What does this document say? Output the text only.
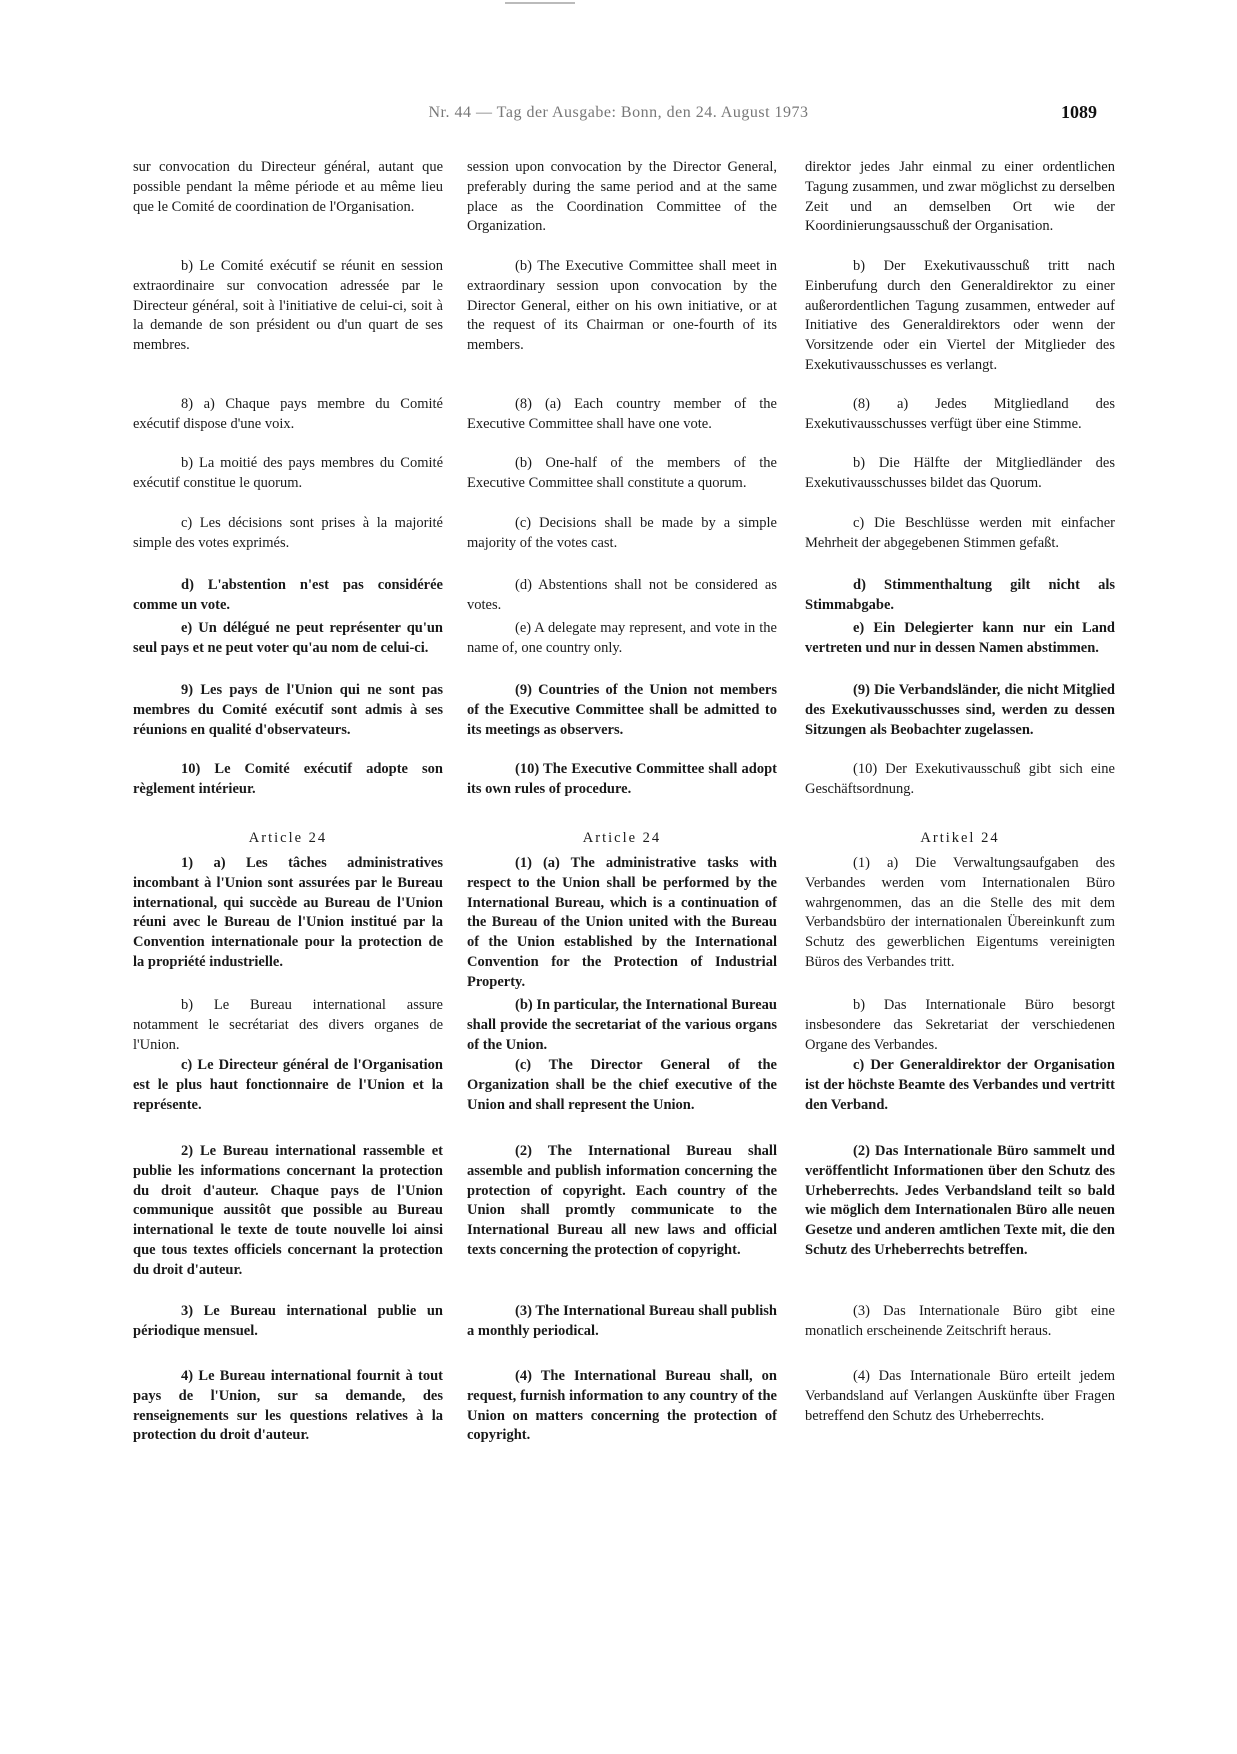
Nr. 44 — Tag der Ausgabe: Bonn, den 24. August 1973	1089

sur convocation du Directeur général, autant que possible pendant la même période et au même lieu que le Comité de coordination de l'Organisation.

b) Le Comité exécutif se réunit en session extraordinaire sur convocation adressée par le Directeur général, soit à l'initiative de celui-ci, soit à la demande de son président ou d'un quart de ses membres.

8) a) Chaque pays membre du Comité exécutif dispose d'une voix.

b) La moitié des pays membres du Comité exécutif constitue le quorum.

c) Les décisions sont prises à la majorité simple des votes exprimés.

d) L'abstention n'est pas considérée comme un vote.

e) Un délégué ne peut représenter qu'un seul pays et ne peut voter qu'au nom de celui-ci.

9) Les pays de l'Union qui ne sont pas membres du Comité exécutif sont admis à ses réunions en qualité d'observateurs.

10) Le Comité exécutif adopte son règlement intérieur.

Article 24

1) a) Les tâches administratives incombant à l'Union sont assurées par le Bureau international, qui succède au Bureau de l'Union réuni avec le Bureau de l'Union institué par la Convention internationale pour la protection de la propriété industrielle.

b) Le Bureau international assure notamment le secrétariat des divers organes de l'Union.

c) Le Directeur général de l'Organisation est le plus haut fonctionnaire de l'Union et la représente.

2) Le Bureau international rassemble et publie les informations concernant la protection du droit d'auteur. Chaque pays de l'Union communique aussitôt que possible au Bureau international le texte de toute nouvelle loi ainsi que tous textes officiels concernant la protection du droit d'auteur.

3) Le Bureau international publie un périodique mensuel.

4) Le Bureau international fournit à tout pays de l'Union, sur sa demande, des renseignements sur les questions relatives à la protection du droit d'auteur.

session upon convocation by the Director General, preferably during the same period and at the same place as the Coordination Committee of the Organization.

(b) The Executive Committee shall meet in extraordinary session upon convocation by the Director General, either on his own initiative, or at the request of its Chairman or one-fourth of its members.

(8) (a) Each country member of the Executive Committee shall have one vote.

(b) One-half of the members of the Executive Committee shall constitute a quorum.

(c) Decisions shall be made by a simple majority of the votes cast.

(d) Abstentions shall not be considered as votes.

(e) A delegate may represent, and vote in the name of, one country only.

(9) Countries of the Union not members of the Executive Committee shall be admitted to its meetings as observers.

(10) The Executive Committee shall adopt its own rules of procedure.

Article 24

(1) (a) The administrative tasks with respect to the Union shall be performed by the International Bureau, which is a continuation of the Bureau of the Union united with the Bureau of the Union established by the International Convention for the Protection of Industrial Property.

(b) In particular, the International Bureau shall provide the secretariat of the various organs of the Union.

(c) The Director General of the Organization shall be the chief executive of the Union and shall represent the Union.

(2) The International Bureau shall assemble and publish information concerning the protection of copyright. Each country of the Union shall promtly communicate to the International Bureau all new laws and official texts concerning the protection of copyright.

(3) The International Bureau shall publish a monthly periodical.

(4) The International Bureau shall, on request, furnish information to any country of the Union on matters concerning the protection of copyright.

direktor jedes Jahr einmal zu einer ordentlichen Tagung zusammen, und zwar möglichst zu derselben Zeit und an demselben Ort wie der Koordinierungsausschuß der Organisation.

b) Der Exekutivausschuß tritt nach Einberufung durch den Generaldirektor zu einer außerordentlichen Tagung zusammen, entweder auf Initiative des Generaldirektors oder wenn der Vorsitzende oder ein Viertel der Mitglieder des Exekutivausschusses es verlangt.

(8) a) Jedes Mitgliedland des Exekutivausschusses verfügt über eine Stimme.

b) Die Hälfte der Mitgliedländer des Exekutivausschusses bildet das Quorum.

c) Die Beschlüsse werden mit einfacher Mehrheit der abgegebenen Stimmen gefaßt.

d) Stimmenthaltung gilt nicht als Stimmabgabe.

e) Ein Delegierter kann nur ein Land vertreten und nur in dessen Namen abstimmen.

(9) Die Verbandsländer, die nicht Mitglied des Exekutivausschusses sind, werden zu dessen Sitzungen als Beobachter zugelassen.

(10) Der Exekutivausschuß gibt sich eine Geschäftsordnung.

Artikel 24

(1) a) Die Verwaltungsaufgaben des Verbandes werden vom Internationalen Büro wahrgenommen, das an die Stelle des mit dem Verbandsbüro der internationalen Übereinkunft zum Schutz des gewerblichen Eigentums vereinigten Büros des Verbandes tritt.

b) Das Internationale Büro besorgt insbesondere das Sekretariat der verschiedenen Organe des Verbandes.

c) Der Generaldirektor der Organisation ist der höchste Beamte des Verbandes und vertritt den Verband.

(2) Das Internationale Büro sammelt und veröffentlicht Informationen über den Schutz des Urheberrechts. Jedes Verbandsland teilt so bald wie möglich dem Internationalen Büro alle neuen Gesetze und anderen amtlichen Texte mit, die den Schutz des Urheberrechts betreffen.

(3) Das Internationale Büro gibt eine monatlich erscheinende Zeitschrift heraus.

(4) Das Internationale Büro erteilt jedem Verbandsland auf Verlangen Auskünfte über Fragen betreffend den Schutz des Urheberrechts.
